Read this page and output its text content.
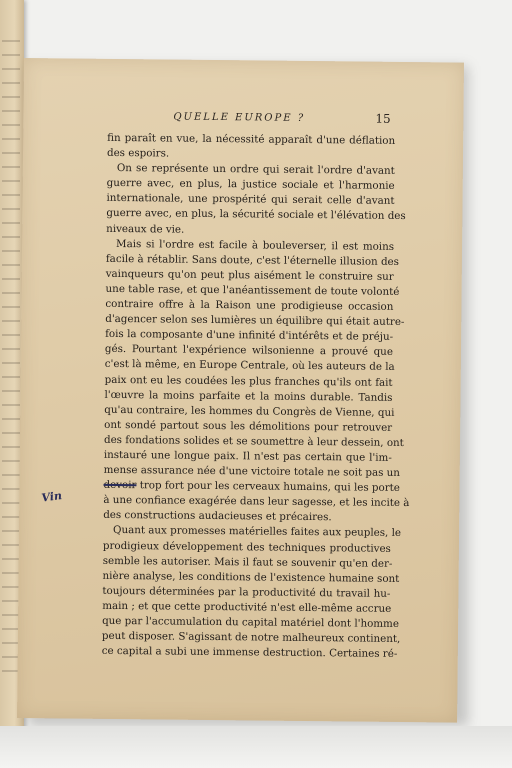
QUELLE EUROPE ?	15
fin paraît en vue, la nécessité apparaît d'une déflation
des espoirs.
On se représente un ordre qui serait l'ordre d'avant
guerre avec, en plus, la justice sociale et l'harmonie
internationale, une prospérité qui serait celle d'avant
guerre avec, en plus, la sécurité sociale et l'élévation des
niveaux de vie.
Mais si l'ordre est facile à bouleverser, il est moins
facile à rétablir. Sans doute, c'est l'éternelle illusion des
vainqueurs qu'on peut plus aisément le construire sur
une table rase, et que l'anéantissement de toute volonté
contraire offre à la Raison une prodigieuse occasion
d'agencer selon ses lumières un équilibre qui était autre-
fois la composante d'une infinité d'intérêts et de préju-
gés. Pourtant l'expérience wilsonienne a prouvé que
c'est là même, en Europe Centrale, où les auteurs de la
paix ont eu les coudées les plus franches qu'ils ont fait
l'œuvre la moins parfaite et la moins durable. Tandis
qu'au contraire, les hommes du Congrès de Vienne, qui
ont sondé partout sous les démolitions pour retrouver
des fondations solides et se soumettre à leur dessein, ont
instauré une longue paix. Il n'est pas certain que l'im-
mense assurance née d'une victoire totale ne soit pas un
devoir trop fort pour les cerveaux humains, qui les porte
à une confiance exagérée dans leur sagesse, et les incite à
des constructions audacieuses et précaires.
Quant aux promesses matérielles faites aux peuples, le
prodigieux développement des techniques productives
semble les autoriser. Mais il faut se souvenir qu'en der-
nière analyse, les conditions de l'existence humaine sont
toujours déterminées par la productivité du travail hu-
main ; et que cette productivité n'est elle-même accrue
que par l'accumulation du capital matériel dont l'homme
peut disposer. S'agissant de notre malheureux continent,
ce capital a subi une immense destruction. Certaines ré-
Vin
